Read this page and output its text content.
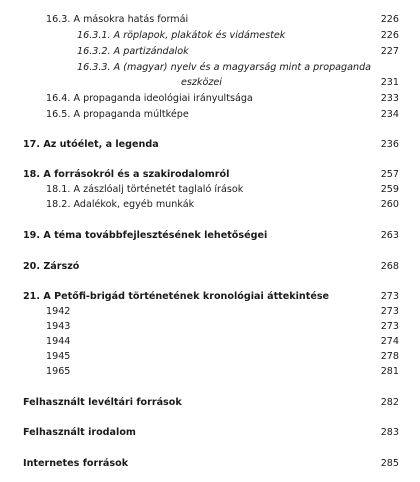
16.3. A másokra hatás formái	226
16.3.1. A röplapok, plakátok és vidámestek	226
16.3.2. A partizándalok	227
16.3.3. A (magyar) nyelv és a magyarság mint a propaganda
eszközei	231
16.4. A propaganda ideológiai irányultsága	233
16.5. A propaganda múltképe	234
17. Az utóélet, a legenda	236
18. A forrásokról és a szakirodalomról	257
18.1. A zászlóalj történetét taglaló írások	259
18.2. Adalékok, egyéb munkák	260
19. A téma továbbfejlesztésének lehetőségei	263
20. Zárszó	268
21. A Petőfi-brigád történetének kronológiai áttekintése	273
1942	273
1943	273
1944	274
1945	278
1965	281
Felhasznált levéltári források	282
Felhasznált irodalom	283
Internetes források	285
